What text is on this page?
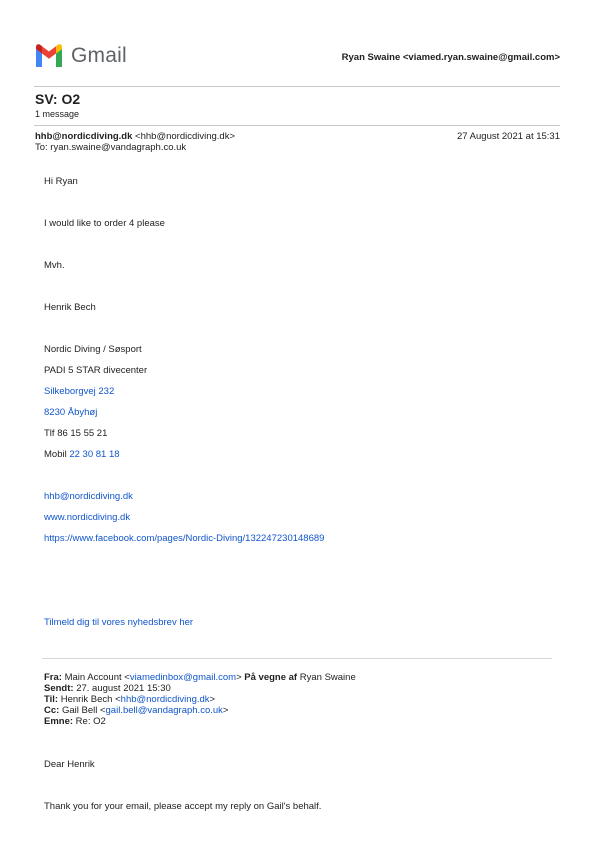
Gmail	Ryan Swaine <viamed.ryan.swaine@gmail.com>
SV: O2
1 message
hhb@nordicdiving.dk <hhb@nordicdiving.dk>	27 August 2021 at 15:31
To: ryan.swaine@vandagraph.co.uk
Hi Ryan
I would like to order 4 please
Mvh.
Henrik Bech
Nordic Diving / Søsport
PADI 5 STAR divecenter
Silkeborgvej 232
8230 Åbyhøj
Tlf 86 15 55 21
Mobil 22 30 81 18
hhb@nordicdiving.dk
www.nordicdiving.dk
https://www.facebook.com/pages/Nordic-Diving/132247230148689
Tilmeld dig til vores nyhedsbrev her
Fra: Main Account <viamedinbox@gmail.com> På vegne af Ryan Swaine
Sendt: 27. august 2021 15:30
Til: Henrik Bech <hhb@nordicdiving.dk>
Cc: Gail Bell <gail.bell@vandagraph.co.uk>
Emne: Re: O2
Dear Henrik
Thank you for your email, please accept my reply on Gail's behalf.
